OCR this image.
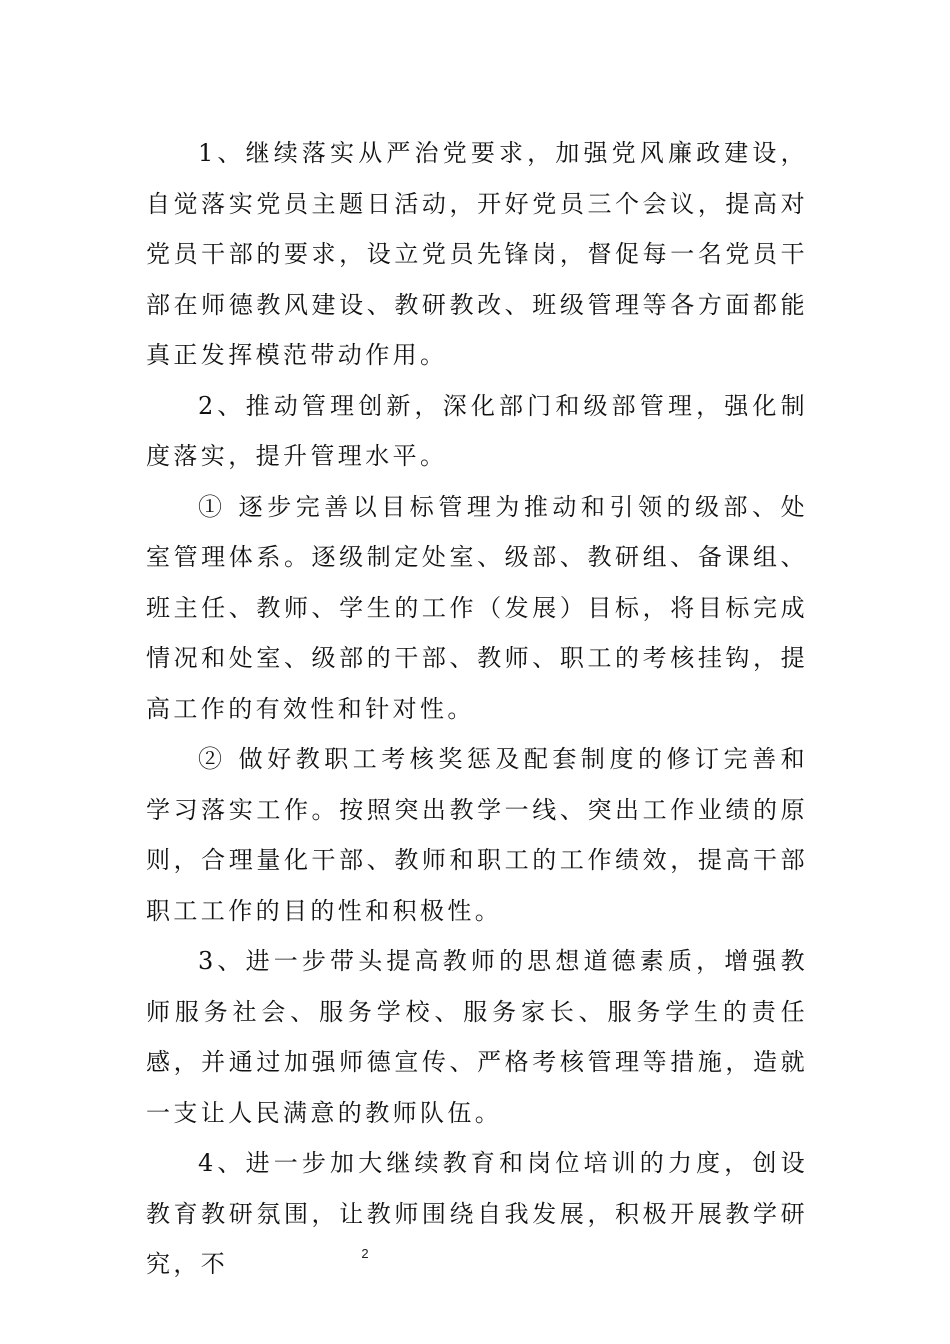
1、继续落实从严治党要求，加强党风廉政建设，自觉落实党员主题日活动，开好党员三个会议，提高对党员干部的要求，设立党员先锋岗，督促每一名党员干部在师德教风建设、教研教改、班级管理等各方面都能真正发挥模范带动作用。

2、推动管理创新，深化部门和级部管理，强化制度落实，提升管理水平。

① 逐步完善以目标管理为推动和引领的级部、处室管理体系。逐级制定处室、级部、教研组、备课组、班主任、教师、学生的工作（发展）目标，将目标完成情况和处室、级部的干部、教师、职工的考核挂钩，提高工作的有效性和针对性。

② 做好教职工考核奖惩及配套制度的修订完善和学习落实工作。按照突出教学一线、突出工作业绩的原则，合理量化干部、教师和职工的工作绩效，提高干部职工工作的目的性和积极性。

3、进一步带头提高教师的思想道德素质，增强教师服务社会、服务学校、服务家长、服务学生的责任感，并通过加强师德宣传、严格考核管理等措施，造就一支让人民满意的教师队伍。

4、进一步加大继续教育和岗位培训的力度，创设教育教研氛围，让教师围绕自我发展，积极开展教学研究，不	2
